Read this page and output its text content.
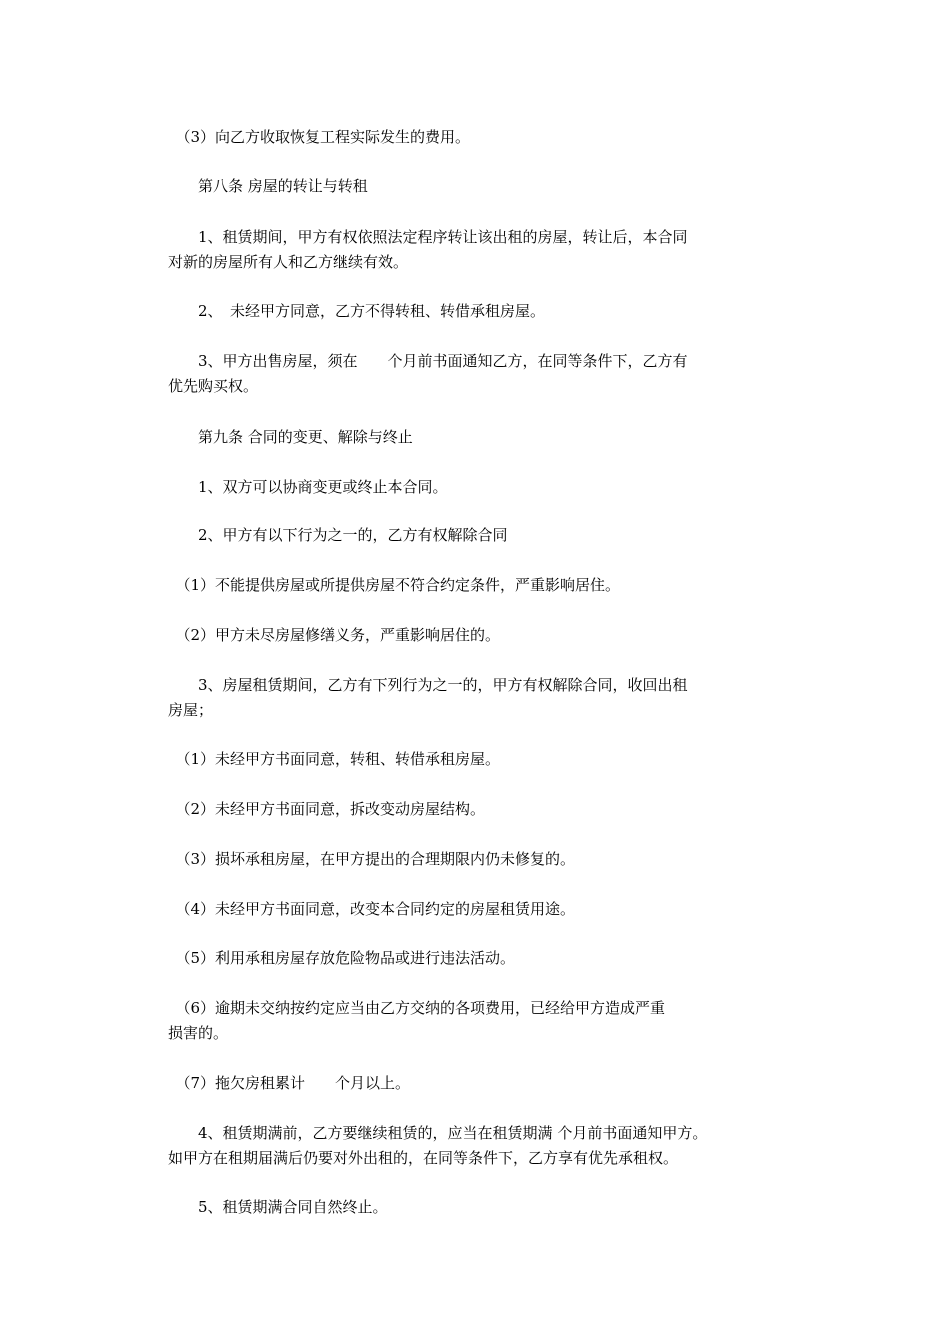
　（3）向乙方收取恢复工程实际发生的费用。
　　第八条 房屋的转让与转租
　　1、租赁期间，甲方有权依照法定程序转让该出租的房屋，转让后，本合同
对新的房屋所有人和乙方继续有效。
　　2、　未经甲方同意，乙方不得转租、转借承租房屋。
　　3、甲方出售房屋，须在　　个月前书面通知乙方，在同等条件下，乙方有
优先购买权。
　　第九条 合同的变更、解除与终止
　　1、双方可以协商变更或终止本合同。
　　2、甲方有以下行为之一的，乙方有权解除合同
　（1）不能提供房屋或所提供房屋不符合约定条件，严重影响居住。
　（2）甲方未尽房屋修缮义务，严重影响居住的。
　　3、房屋租赁期间，乙方有下列行为之一的，甲方有权解除合同，收回出租
房屋；
　（1）未经甲方书面同意，转租、转借承租房屋。
　（2）未经甲方书面同意，拆改变动房屋结构。
　（3）损坏承租房屋，在甲方提出的合理期限内仍未修复的。
　（4）未经甲方书面同意，改变本合同约定的房屋租赁用途。
　（5）利用承租房屋存放危险物品或进行违法活动。
　（6）逾期未交纳按约定应当由乙方交纳的各项费用，已经给甲方造成严重
损害的。
　（7）拖欠房租累计　　个月以上。
　　4、租赁期满前，乙方要继续租赁的，应当在租赁期满 个月前书面通知甲方。
如甲方在租期届满后仍要对外出租的，在同等条件下，乙方享有优先承租权。
　　5、租赁期满合同自然终止。
